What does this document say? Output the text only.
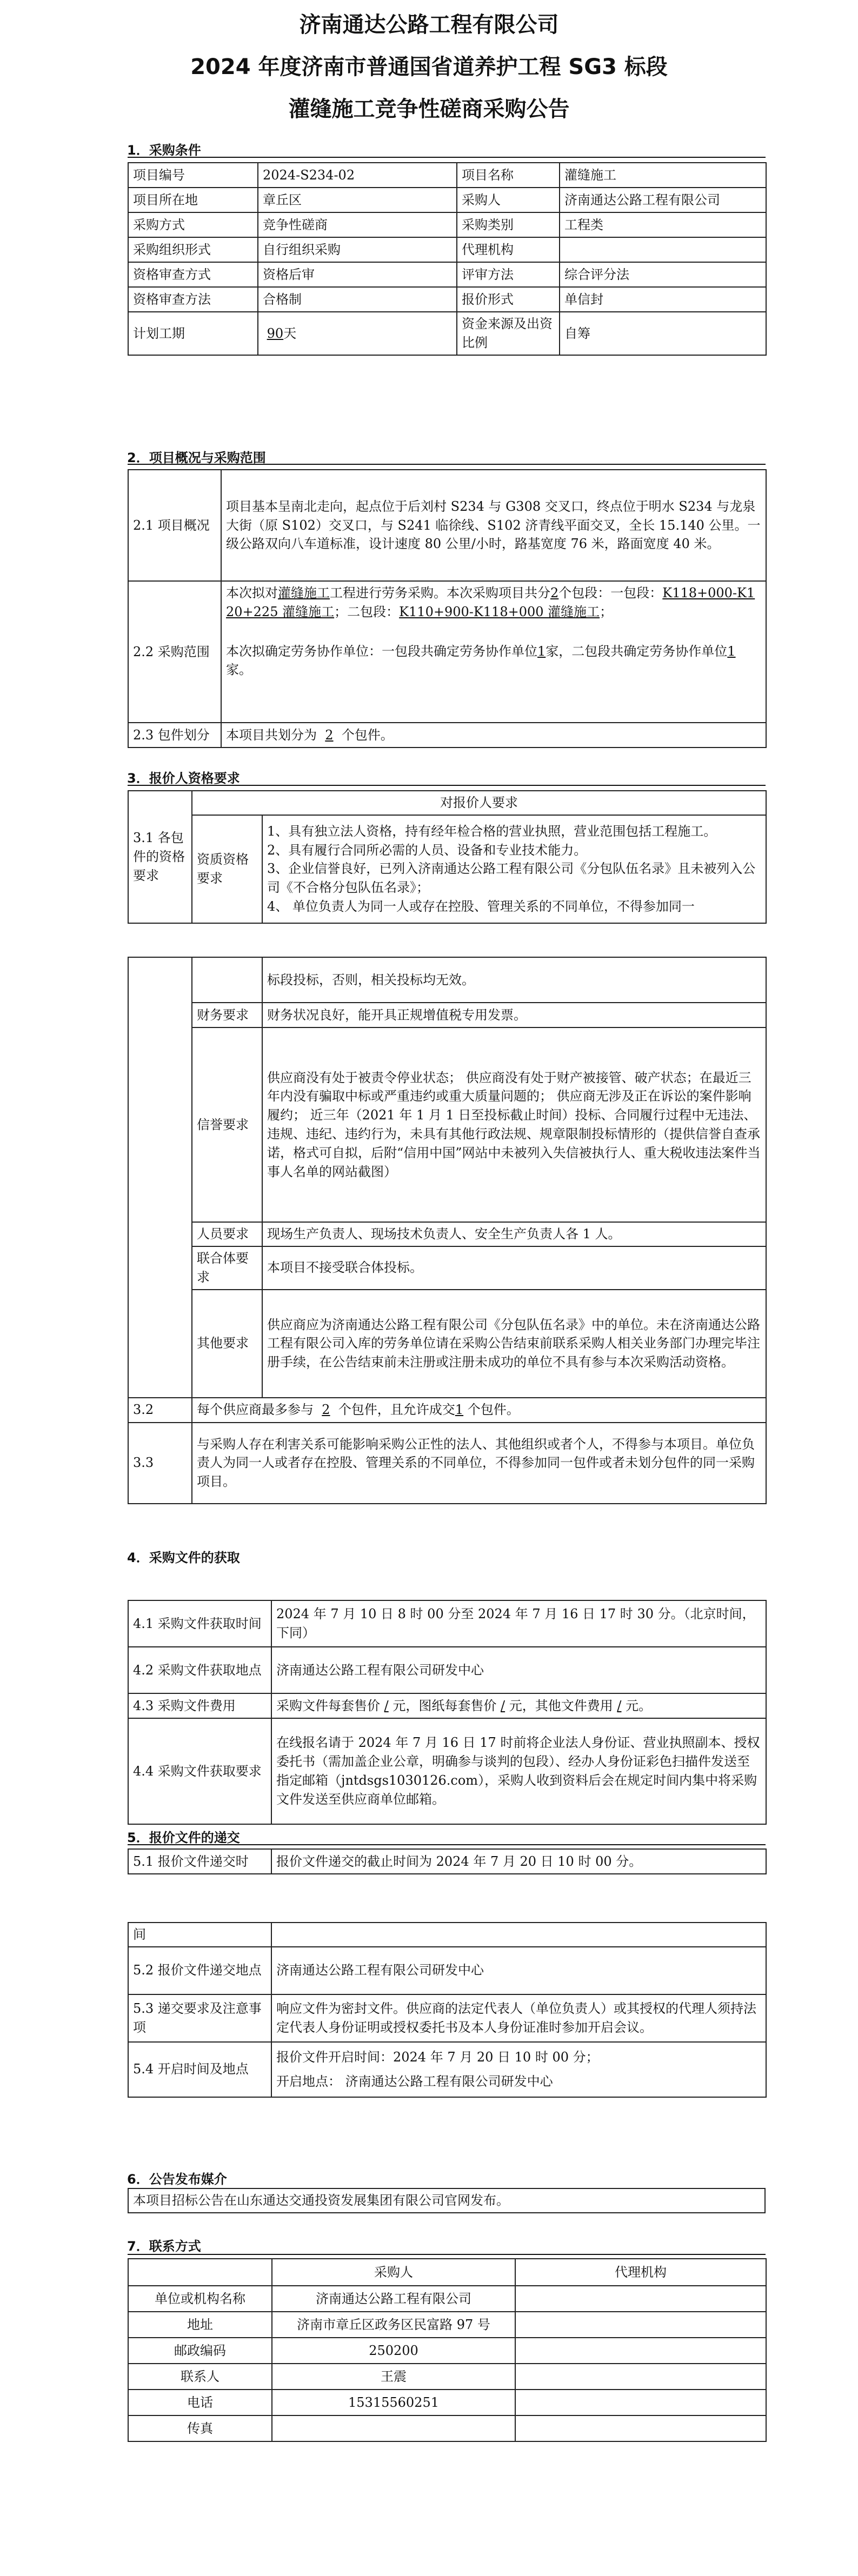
济南通达公路工程有限公司
2024 年度济南市普通国省道养护工程 SG3 标段
灌缝施工竞争性磋商采购公告
1．采购条件
项目编号	2024-S234-02	项目名称	灌缝施工
项目所在地	章丘区	采购人	济南通达公路工程有限公司
采购方式	竞争性磋商	采购类别	工程类
采购组织形式	自行组织采购	代理机构	
资格审查方式	资格后审	评审方法	综合评分法
资格审查方法	合格制	报价形式	单信封
计划工期	90天	资金来源及出资比例	自筹
2．项目概况与采购范围
2.1 项目概况	项目基本呈南北走向，起点位于后刘村 S234 与 G308 交叉口，终点位于明水 S234 与龙泉大街（原 S102）交叉口，与 S241 临徐线、S102 济青线平面交叉，全长 15.140 公里。一级公路双向八车道标准，设计速度 80 公里/小时，路基宽度 76 米，路面宽度 40 米。
2.2 采购范围	本次拟对灌缝施工工程进行劳务采购。本次采购项目共分2个包段：一包段：K118+000-K120+225 灌缝施工；二包段：K110+900-K118+000 灌缝施工；
本次拟确定劳务协作单位：一包段共确定劳务协作单位1家，二包段共确定劳务协作单位1家。

2.3 包件划分	本项目共划分为 2 个包件。
3．报价人资格要求
3.1 各包件的资格要求	对报价人要求	
	资质资格要求	1、具有独立法人资格，持有经年检合格的营业执照，营业范围包括工程施工。
2、具有履行合同所必需的人员、设备和专业技术能力。
3、企业信誉良好，已列入济南通达公路工程有限公司《分包队伍名录》且未被列入公司《不合格分包队伍名录》；
4、 单位负责人为同一人或存在控股、管理关系的不同单位，不得参加同一
		标段投标，否则，相关投标均无效。
	财务要求	财务状况良好，能开具正规增值税专用发票。
	信誉要求	供应商没有处于被责令停业状态； 供应商没有处于财产被接管、破产状态；在最近三年内没有骗取中标或严重违约或重大质量问题的； 供应商无涉及正在诉讼的案件影响履约； 近三年（2021 年 1 月 1 日至投标截止时间）投标、合同履行过程中无违法、违规、违纪、违约行为，未具有其他行政法规、规章限制投标情形的（提供信誉自查承诺，格式可自拟，后附“信用中国”网站中未被列入失信被执行人、重大税收违法案件当事人名单的网站截图）
	人员要求	现场生产负责人、现场技术负责人、安全生产负责人各 1 人。
	联合体要求	本项目不接受联合体投标。
	其他要求	供应商应为济南通达公路工程有限公司《分包队伍名录》中的单位。未在济南通达公路工程有限公司入库的劳务单位请在采购公告结束前联系采购人相关业务部门办理完毕注册手续，在公告结束前未注册或注册未成功的单位不具有参与本次采购活动资格。
3.2	每个供应商最多参与 2 个包件，且允许成交1 个包件。	
3.3	与采购人存在利害关系可能影响采购公正性的法人、其他组织或者个人，不得参与本项目。单位负责人为同一人或者存在控股、管理关系的不同单位，不得参加同一包件或者未划分包件的同一采购项目。	
4．采购文件的获取
4.1 采购文件获取时间	2024 年 7 月 10 日 8 时 00 分至 2024 年 7 月 16 日 17 时 30 分。（北京时间，下同）
4.2 采购文件获取地点	济南通达公路工程有限公司研发中心
4.3 采购文件费用	采购文件每套售价 / 元，图纸每套售价 / 元，其他文件费用 / 元。
4.4 采购文件获取要求	在线报名请于 2024 年 7 月 16 日 17 时前将企业法人身份证、营业执照副本、授权委托书（需加盖企业公章，明确参与谈判的包段）、经办人身份证彩色扫描件发送至指定邮箱（jntdsgs1030126.com），采购人收到资料后会在规定时间内集中将采购文件发送至供应商单位邮箱。
5．报价文件的递交
5.1 报价文件递交时	报价文件递交的截止时间为 2024 年 7 月 20 日 10 时 00 分。
间	
5.2 报价文件递交地点	济南通达公路工程有限公司研发中心
5.3 递交要求及注意事项	响应文件为密封文件。供应商的法定代表人（单位负责人）或其授权的代理人须持法定代表人身份证明或授权委托书及本人身份证准时参加开启会议。
5.4 开启时间及地点	报价文件开启时间：2024 年 7 月 20 日 10 时 00 分；
开启地点： 济南通达公路工程有限公司研发中心
6．公告发布媒介
本项目招标公告在山东通达交通投资发展集团有限公司官网发布。
7．联系方式
	采购人	代理机构
单位或机构名称	济南通达公路工程有限公司	
地址	济南市章丘区政务区民富路 97 号	
邮政编码	250200	
联系人	王震	
电话	15315560251	
传真		
